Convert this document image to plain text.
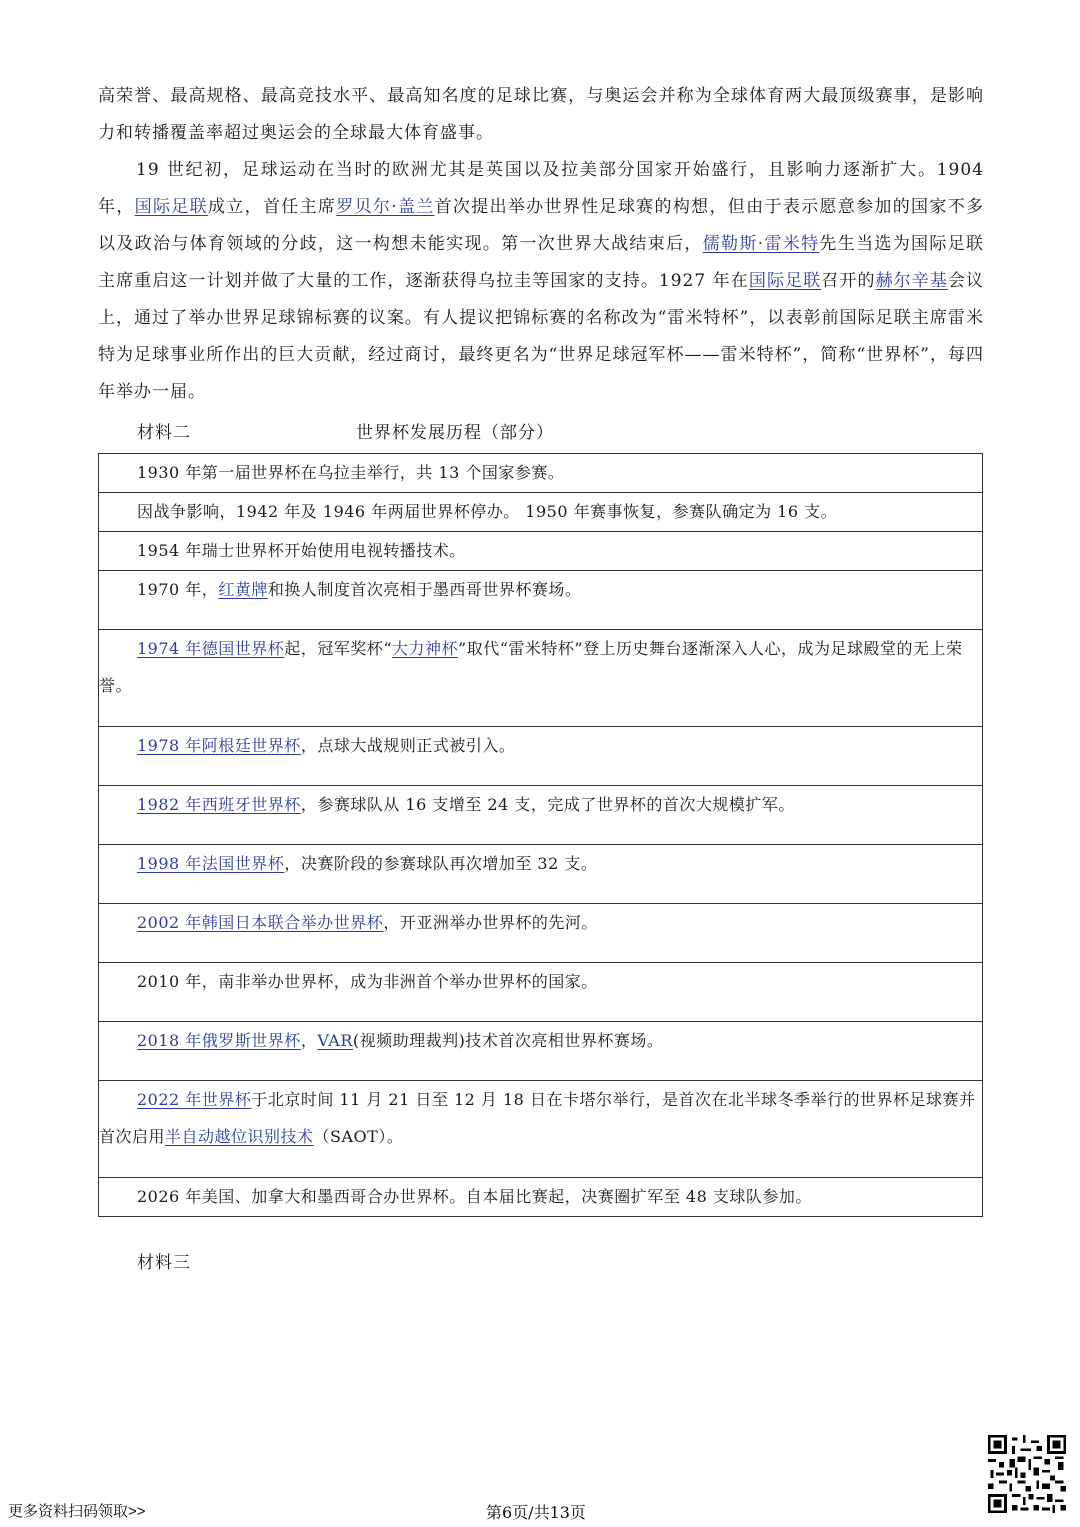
高荣誉、最高规格、最高竞技水平、最高知名度的足球比赛，与奥运会并称为全球体育两大最顶级赛事，是影响力和转播覆盖率超过奥运会的全球最大体育盛事。

19 世纪初，足球运动在当时的欧洲尤其是英国以及拉美部分国家开始盛行，且影响力逐渐扩大。1904 年，国际足联成立，首任主席罗贝尔·盖兰首次提出举办世界性足球赛的构想，但由于表示愿意参加的国家不多以及政治与体育领域的分歧，这一构想未能实现。第一次世界大战结束后，儒勒斯·雷米特先生当选为国际足联主席重启这一计划并做了大量的工作，逐渐获得乌拉圭等国家的支持。1927 年在国际足联召开的赫尔辛基会议上，通过了举办世界足球锦标赛的议案。有人提议把锦标赛的名称改为“雷米特杯”，以表彰前国际足联主席雷米特为足球事业所作出的巨大贡献，经过商讨，最终更名为“世界足球冠军杯——雷米特杯”，简称“世界杯”，每四年举办一届。

材料二	世界杯发展历程（部分）
1930 年第一届世界杯在乌拉圭举行，共 13 个国家参赛。
因战争影响，1942 年及 1946 年两届世界杯停办。 1950 年赛事恢复，参赛队确定为 16 支。
1954 年瑞士世界杯开始使用电视转播技术。
1970 年，红黄牌和换人制度首次亮相于墨西哥世界杯赛场。

1974 年德国世界杯起，冠军奖杯“大力神杯”取代“雷米特杯”登上历史舞台逐渐深入人心，成为足球殿堂的无上荣誉。

1978 年阿根廷世界杯，点球大战规则正式被引入。
1982 年西班牙世界杯，参赛球队从 16 支增至 24 支，完成了世界杯的首次大规模扩军。
1998 年法国世界杯，决赛阶段的参赛球队再次增加至 32 支。
2002 年韩国日本联合举办世界杯，开亚洲举办世界杯的先河。
2010 年，南非举办世界杯，成为非洲首个举办世界杯的国家。
2018 年俄罗斯世界杯，VAR(视频助理裁判)技术首次亮相世界杯赛场。

2022 年世界杯于北京时间 11 月 21 日至 12 月 18 日在卡塔尔举行，是首次在北半球冬季举行的世界杯足球赛并首次启用半自动越位识别技术（SAOT）。

2026 年美国、加拿大和墨西哥合办世界杯。自本届比赛起，决赛圈扩军至 48 支球队参加。
材料三
更多资料扫码领取>>	第6页/共13页
